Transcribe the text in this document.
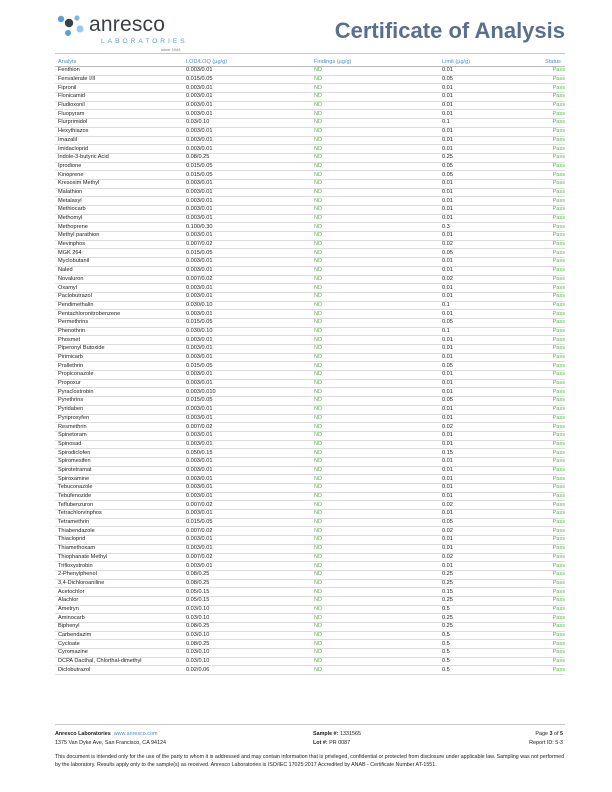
anresco
LABORATORIES
since 1943
Certificate of Analysis
Analyte	LOD/LOQ (µg/g)	Findings (µg/g)	Limit (µg/g)	Status
Fenthion	0.003/0.01	ND	0.01	Pass
Fenvalerate I/II	0.015/0.05	ND	0.05	Pass
Fipronil	0.003/0.01	ND	0.01	Pass
Flonicamid	0.003/0.01	ND	0.01	Pass
Fludioxonil	0.003/0.01	ND	0.01	Pass
Fluopyram	0.003/0.01	ND	0.01	Pass
Flurprimidol	0.03/0.10	ND	0.1	Pass
Hexythiazox	0.003/0.01	ND	0.01	Pass
Imazalil	0.003/0.01	ND	0.01	Pass
Imidacloprid	0.003/0.01	ND	0.01	Pass
Indole-3-butyric Acid	0.08/0.25	ND	0.25	Pass
Iprodione	0.015/0.05	ND	0.05	Pass
Kinoprene	0.015/0.05	ND	0.05	Pass
Kresoxim Methyl	0.003/0.01	ND	0.01	Pass
Malathion	0.003/0.01	ND	0.01	Pass
Metalaxyl	0.003/0.01	ND	0.01	Pass
Methiocarb	0.003/0.01	ND	0.01	Pass
Methomyl	0.003/0.01	ND	0.01	Pass
Methoprene	0.100/0.30	ND	0.3	Pass
Methyl parathion	0.003/0.01	ND	0.01	Pass
Mevinphos	0.007/0.02	ND	0.02	Pass
MGK 264	0.015/0.05	ND	0.05	Pass
Myclobutanil	0.003/0.01	ND	0.01	Pass
Naled	0.003/0.01	ND	0.01	Pass
Novaluron	0.007/0.02	ND	0.02	Pass
Oxamyl	0.003/0.01	ND	0.01	Pass
Paclobutrazol	0.003/0.01	ND	0.01	Pass
Pendimethalin	0.030/0.10	ND	0.1	Pass
Pentachloronitrobenzene	0.003/0.01	ND	0.01	Pass
Permethrins	0.015/0.05	ND	0.05	Pass
Phenothrin	0.030/0.10	ND	0.1	Pass
Phosmet	0.003/0.01	ND	0.01	Pass
Piperonyl Butoxide	0.003/0.01	ND	0.01	Pass
Pirimicarb	0.003/0.01	ND	0.01	Pass
Prallethrin	0.015/0.05	ND	0.05	Pass
Propiconazole	0.003/0.01	ND	0.01	Pass
Propoxur	0.003/0.01	ND	0.01	Pass
Pyraclostrobin	0.003/0.010	ND	0.01	Pass
Pyrethrins	0.015/0.05	ND	0.05	Pass
Pyridaben	0.003/0.01	ND	0.01	Pass
Pyriproxyfen	0.003/0.01	ND	0.01	Pass
Resmethrin	0.007/0.02	ND	0.02	Pass
Spinetoram	0.003/0.01	ND	0.01	Pass
Spinosad	0.003/0.01	ND	0.01	Pass
Spirodiclofen	0.050/0.15	ND	0.15	Pass
Spiromesifen	0.003/0.01	ND	0.01	Pass
Spirotetramat	0.003/0.01	ND	0.01	Pass
Spiroxamine	0.003/0.01	ND	0.01	Pass
Tebuconazole	0.003/0.01	ND	0.01	Pass
Tebufenozide	0.003/0.01	ND	0.01	Pass
Teflubenzuron	0.007/0.02	ND	0.02	Pass
Tetrachlorvinphos	0.003/0.01	ND	0.01	Pass
Tetramethrin	0.015/0.05	ND	0.05	Pass
Thiabendazole	0.007/0.02	ND	0.02	Pass
Thiacloprid	0.003/0.01	ND	0.01	Pass
Thiamethoxam	0.003/0.01	ND	0.01	Pass
Thiophanate Methyl	0.007/0.02	ND	0.02	Pass
Trifloxystrobin	0.003/0.01	ND	0.01	Pass
2-Phenylphenol	0.08/0.25	ND	0.25	Pass
3,4-Dichloroaniline	0.08/0.25	ND	0.25	Pass
Acetochlor	0.05/0.15	ND	0.15	Pass
Alachlor	0.05/0.15	ND	0.25	Pass
Ametryn	0.03/0.10	ND	0.5	Pass
Aminocarb	0.03/0.10	ND	0.25	Pass
Biphenyl	0.08/0.25	ND	0.25	Pass
Carbendazim	0.03/0.10	ND	0.5	Pass
Cycloate	0.08/0.25	ND	0.5	Pass
Cyromazine	0.03/0.10	ND	0.5	Pass
DCPA Dacthal, Chlorthal-dimethyl	0.03/0.10	ND	0.5	Pass
Diclobutrazol	0.02/0.06	ND	0.5	Pass
Anresco Laboratories www.anresco.com
1375 Van Dyke Ave, San Francisco, CA 94124
Sample #: 1331565
Lot #: PR 0087
Page 3 of 5
Report ID: 5-3
This document is intended only for the use of the party to whom it is addressed and may contain information that is privileged, confidential or protected from disclosure under applicable law. Sampling was not performed by the laboratory. Results apply only to the sample(s) as received. Anresco Laboratories is ISO/IEC 17025:2017 Accredited by ANAB - Certificate Number AT-1551.
